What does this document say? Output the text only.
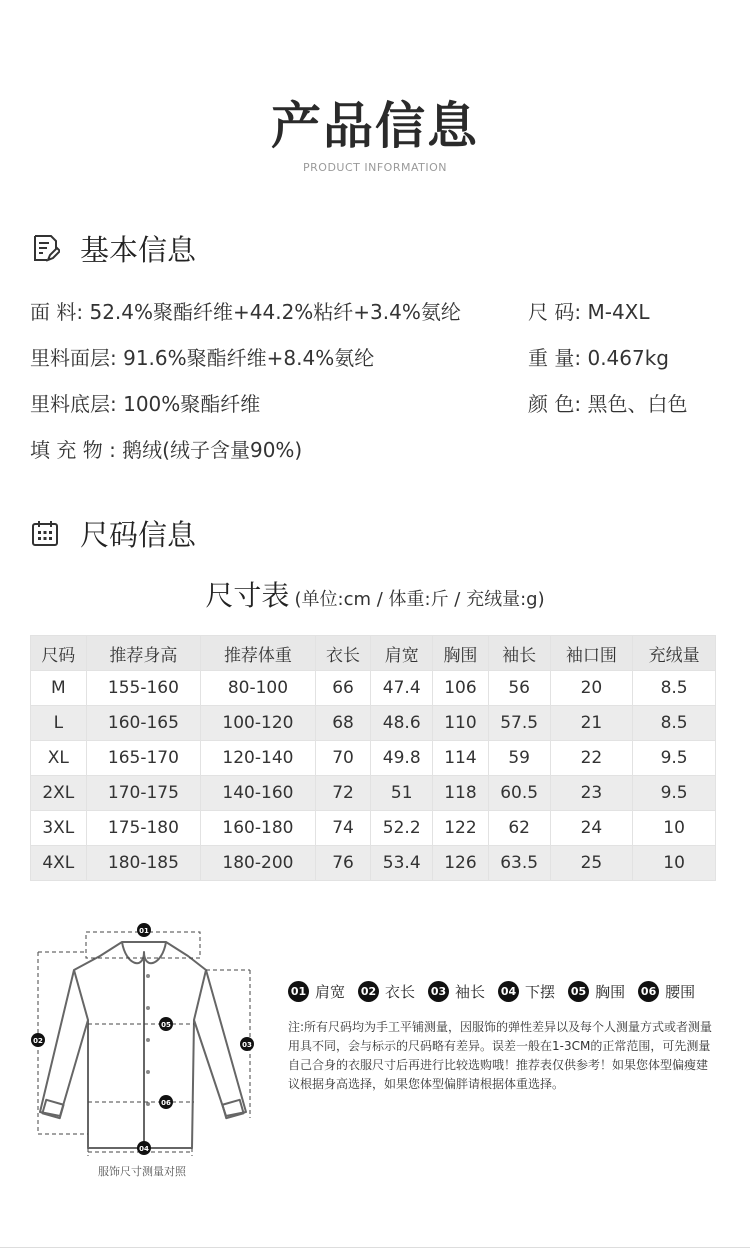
产品信息
PRODUCT INFORMATION
基本信息
面 料: 52.4%聚酯纤维+44.2%粘纤+3.4%氨纶
里料面层: 91.6%聚酯纤维+8.4%氨纶
里料底层: 100%聚酯纤维
填 充 物 : 鹅绒(绒子含量90%)
尺 码: M-4XL
重 量: 0.467kg
颜 色: 黑色、白色
尺码信息
尺寸表 (单位:cm / 体重:斤 / 充绒量:g)
尺码	推荐身高	推荐体重	衣长	肩宽	胸围	袖长	袖口围	充绒量
M	155-160	80-100	66	47.4	106	56	20	8.5
L	160-165	100-120	68	48.6	110	57.5	21	8.5
XL	165-170	120-140	70	49.8	114	59	22	9.5
2XL	170-175	140-160	72	51	118	60.5	23	9.5
3XL	175-180	160-180	74	52.2	122	62	24	10
4XL	180-185	180-200	76	53.4	126	63.5	25	10
01
02	03
04
05
06
服饰尺寸测量对照
01 肩宽 02 衣长 03 袖长 04 下摆 05 胸围 06 腰围
注:所有尺码均为手工平铺测量，因服饰的弹性差异以及每个人测量方式或者测量用具不同，会与标示的尺码略有差异。误差一般在1-3CM的正常范围，可先测量自己合身的衣服尺寸后再进行比较选购哦！推荐表仅供参考！如果您体型偏瘦建议根据身高选择，如果您体型偏胖请根据体重选择。
